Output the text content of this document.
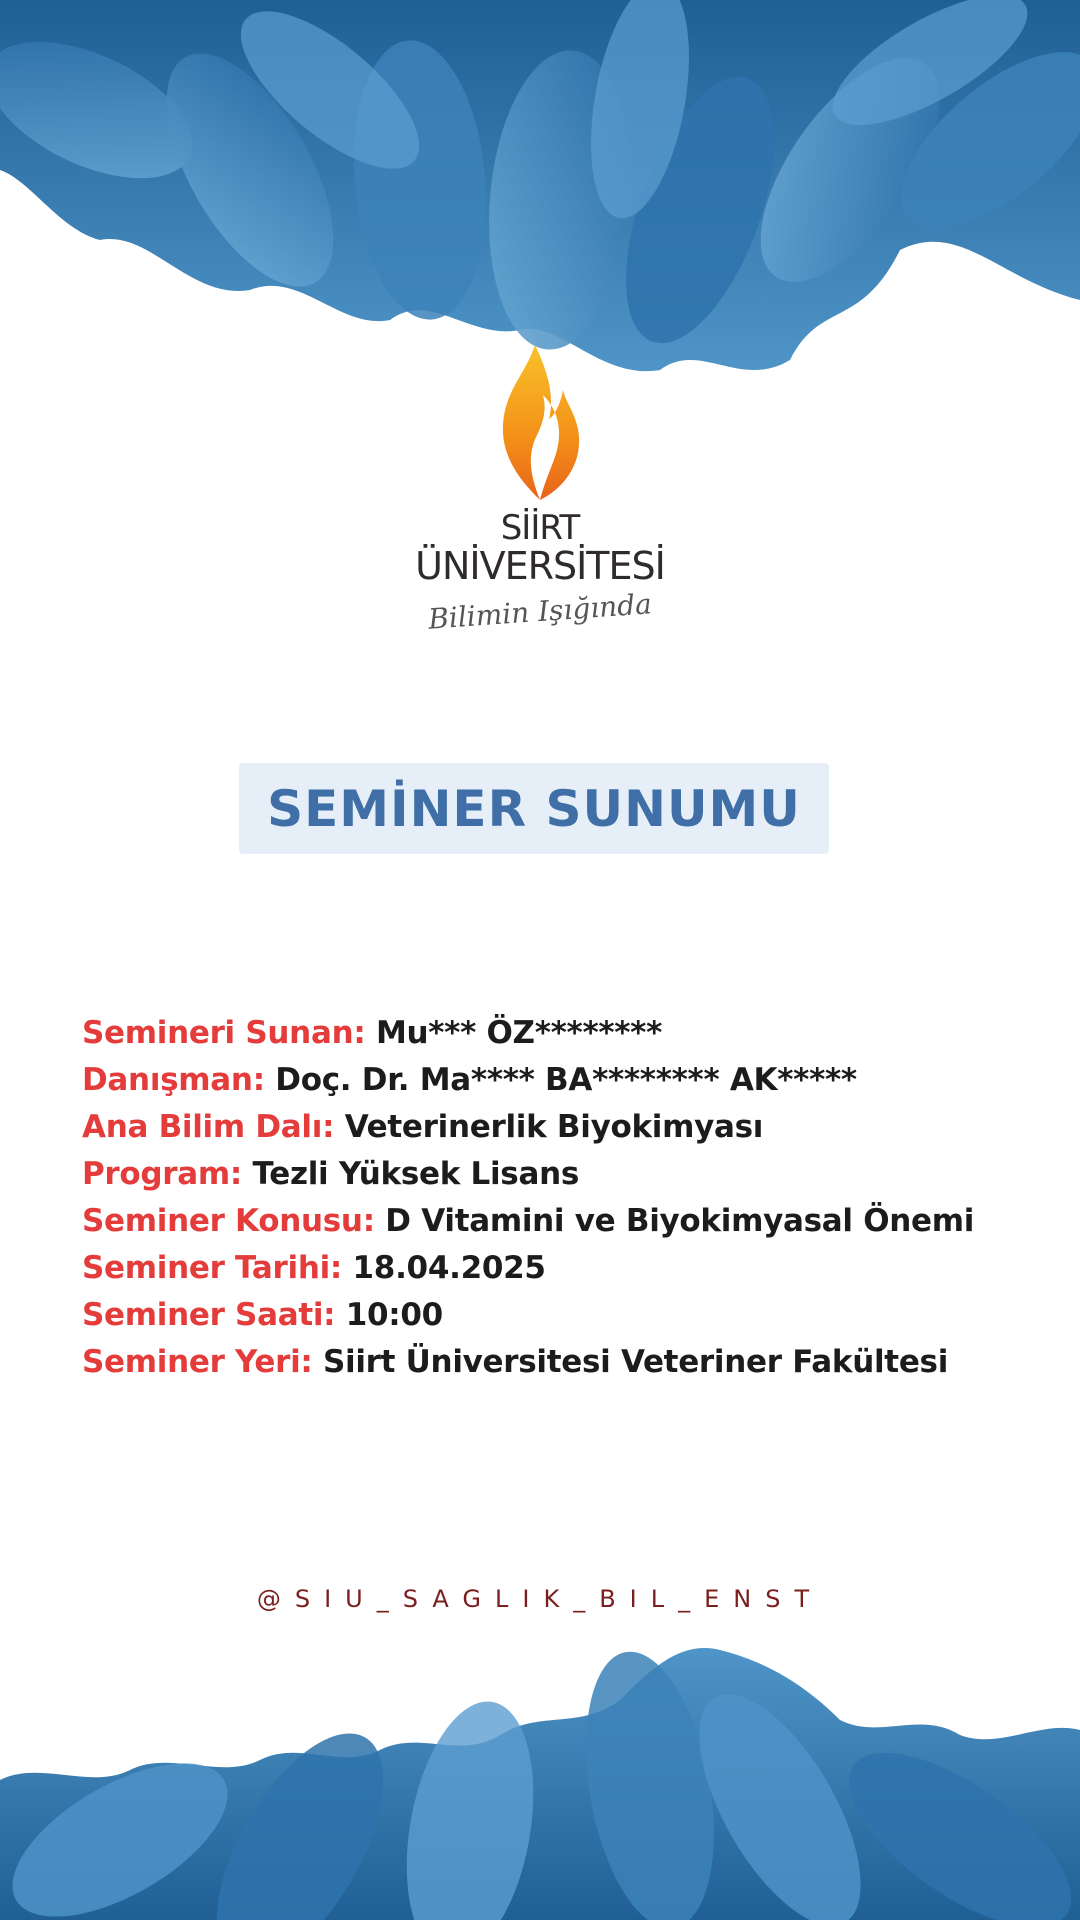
SİİRT
ÜNİVERSİTESİ
Bilimin Işığında
SEMİNER SUNUMU
Semineri Sunan: Mu*** ÖZ********
Danışman: Doç. Dr. Ma**** BA******** AK*****
Ana Bilim Dalı: Veterinerlik Biyokimyası
Program: Tezli Yüksek Lisans
Seminer Konusu: D Vitamini ve Biyokimyasal Önemi
Seminer Tarihi: 18.04.2025
Seminer Saati: 10:00
Seminer Yeri: Siirt Üniversitesi Veteriner Fakültesi
@SIU_SAGLIK_BIL_ENST
